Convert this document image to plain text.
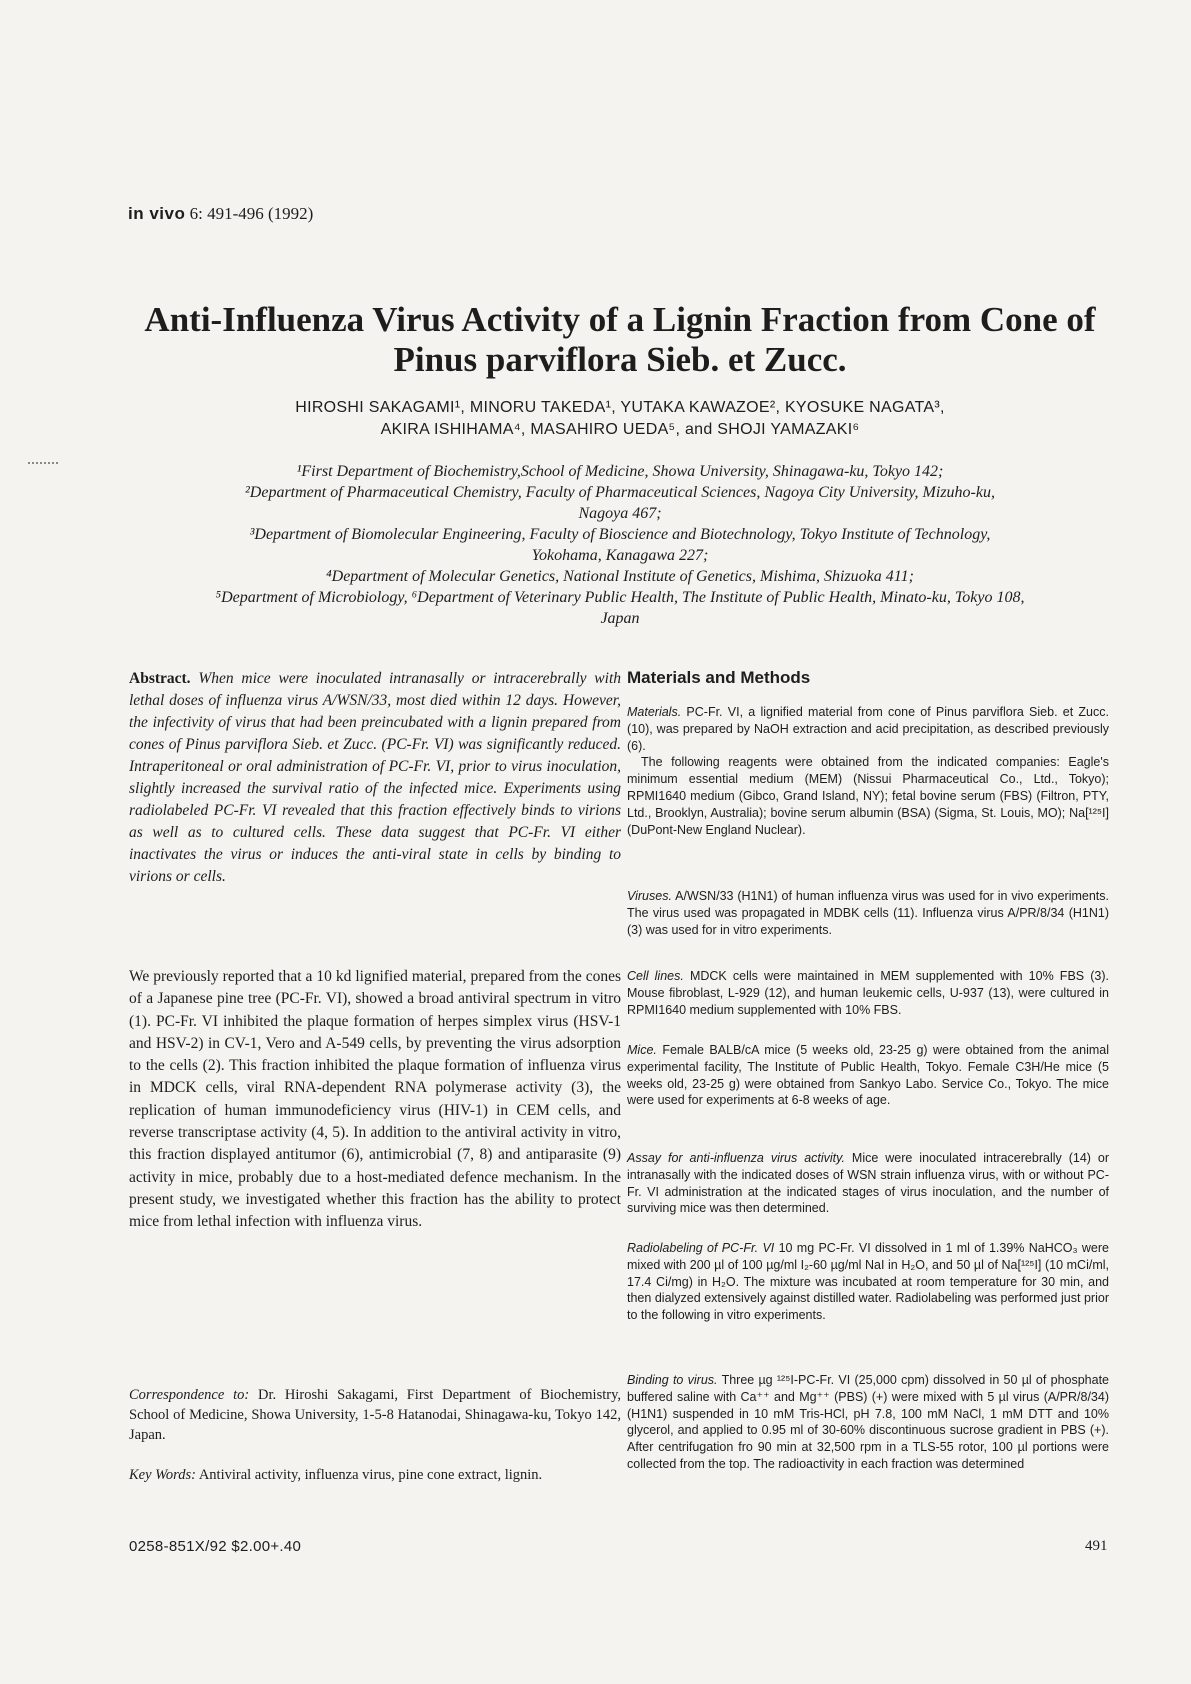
in vivo 6: 491-496 (1992)
Anti-Influenza Virus Activity of a Lignin Fraction from Cone of
Pinus parviflora Sieb. et Zucc.
HIROSHI SAKAGAMI¹, MINORU TAKEDA¹, YUTAKA KAWAZOE², KYOSUKE NAGATA³,
AKIRA ISHIHAMA⁴, MASAHIRO UEDA⁵, and SHOJI YAMAZAKI⁶
¹First Department of Biochemistry,School of Medicine, Showa University, Shinagawa-ku, Tokyo 142;
²Department of Pharmaceutical Chemistry, Faculty of Pharmaceutical Sciences, Nagoya City University, Mizuho-ku,
Nagoya 467;
³Department of Biomolecular Engineering, Faculty of Bioscience and Biotechnology, Tokyo Institute of Technology,
Yokohama, Kanagawa 227;
⁴Department of Molecular Genetics, National Institute of Genetics, Mishima, Shizuoka 411;
⁵Department of Microbiology, ⁶Department of Veterinary Public Health, The Institute of Public Health, Minato-ku, Tokyo 108,
Japan

Abstract. When mice were inoculated intranasally or intracerebrally with lethal doses of influenza virus A/WSN/33, most died within 12 days. However, the infectivity of virus that had been preincubated with a lignin prepared from cones of Pinus parviflora Sieb. et Zucc. (PC-Fr. VI) was significantly reduced. Intraperitoneal or oral administration of PC-Fr. VI, prior to virus inoculation, slightly increased the survival ratio of the infected mice. Experiments using radiolabeled PC-Fr. VI revealed that this fraction effectively binds to virions as well as to cultured cells. These data suggest that PC-Fr. VI either inactivates the virus or induces the anti-viral state in cells by binding to virions or cells.

We previously reported that a 10 kd lignified material, prepared from the cones of a Japanese pine tree (PC-Fr. VI), showed a broad antiviral spectrum in vitro (1). PC-Fr. VI inhibited the plaque formation of herpes simplex virus (HSV-1 and HSV-2) in CV-1, Vero and A-549 cells, by preventing the virus adsorption to the cells (2). This fraction inhibited the plaque formation of influenza virus in MDCK cells, viral RNA-dependent RNA polymerase activity (3), the replication of human immunodeficiency virus (HIV-1) in CEM cells, and reverse transcriptase activity (4, 5). In addition to the antiviral activity in vitro, this fraction displayed antitumor (6), antimicrobial (7, 8) and antiparasite (9) activity in mice, probably due to a host-mediated defence mechanism. In the present study, we investigated whether this fraction has the ability to protect mice from lethal infection with influenza virus.

Correspondence to: Dr. Hiroshi Sakagami, First Department of Biochemistry, School of Medicine, Showa University, 1-5-8 Hatanodai, Shinagawa-ku, Tokyo 142, Japan.

Key Words: Antiviral activity, influenza virus, pine cone extract, lignin.

0258-851X/92 $2.00+.40	491
Materials and Methods

Materials. PC-Fr. VI, a lignified material from cone of Pinus parviflora Sieb. et Zucc. (10), was prepared by NaOH extraction and acid precipitation, as described previously (6).

The following reagents were obtained from the indicated companies: Eagle's minimum essential medium (MEM) (Nissui Pharmaceutical Co., Ltd., Tokyo); RPMI1640 medium (Gibco, Grand Island, NY); fetal bovine serum (FBS) (Filtron, PTY, Ltd., Brooklyn, Australia); bovine serum albumin (BSA) (Sigma, St. Louis, MO); Na[¹²⁵I] (DuPont-New England Nuclear).

Viruses. A/WSN/33 (H1N1) of human influenza virus was used for in vivo experiments. The virus used was propagated in MDBK cells (11). Influenza virus A/PR/8/34 (H1N1)(3) was used for in vitro experiments.

Cell lines. MDCK cells were maintained in MEM supplemented with 10% FBS (3). Mouse fibroblast, L-929 (12), and human leukemic cells, U-937 (13), were cultured in RPMI1640 medium supplemented with 10% FBS.

Mice. Female BALB/cA mice (5 weeks old, 23-25 g) were obtained from the animal experimental facility, The Institute of Public Health, Tokyo. Female C3H/He mice (5 weeks old, 23-25 g) were obtained from Sankyo Labo. Service Co., Tokyo. The mice were used for experiments at 6-8 weeks of age.

Assay for anti-influenza virus activity. Mice were inoculated intracerebrally (14) or intranasally with the indicated doses of WSN strain influenza virus, with or without PC-Fr. VI administration at the indicated stages of virus inoculation, and the number of surviving mice was then determined.

Radiolabeling of PC-Fr. VI 10 mg PC-Fr. VI dissolved in 1 ml of 1.39% NaHCO₃ were mixed with 200 µl of 100 µg/ml I₂-60 µg/ml NaI in H₂O, and 50 µl of Na[¹²⁵I] (10 mCi/ml, 17.4 Ci/mg) in H₂O. The mixture was incubated at room temperature for 30 min, and then dialyzed extensively against distilled water. Radiolabeling was performed just prior to the following in vitro experiments.

Binding to virus. Three µg ¹²⁵I-PC-Fr. VI (25,000 cpm) dissolved in 50 µl of phosphate buffered saline with Ca⁺⁺ and Mg⁺⁺ (PBS) (+) were mixed with 5 µl virus (A/PR/8/34) (H1N1) suspended in 10 mM Tris-HCl, pH 7.8, 100 mM NaCl, 1 mM DTT and 10% glycerol, and applied to 0.95 ml of 30-60% discontinuous sucrose gradient in PBS (+). After centrifugation fro 90 min at 32,500 rpm in a TLS-55 rotor, 100 µl portions were collected from the top. The radioactivity in each fraction was determined
